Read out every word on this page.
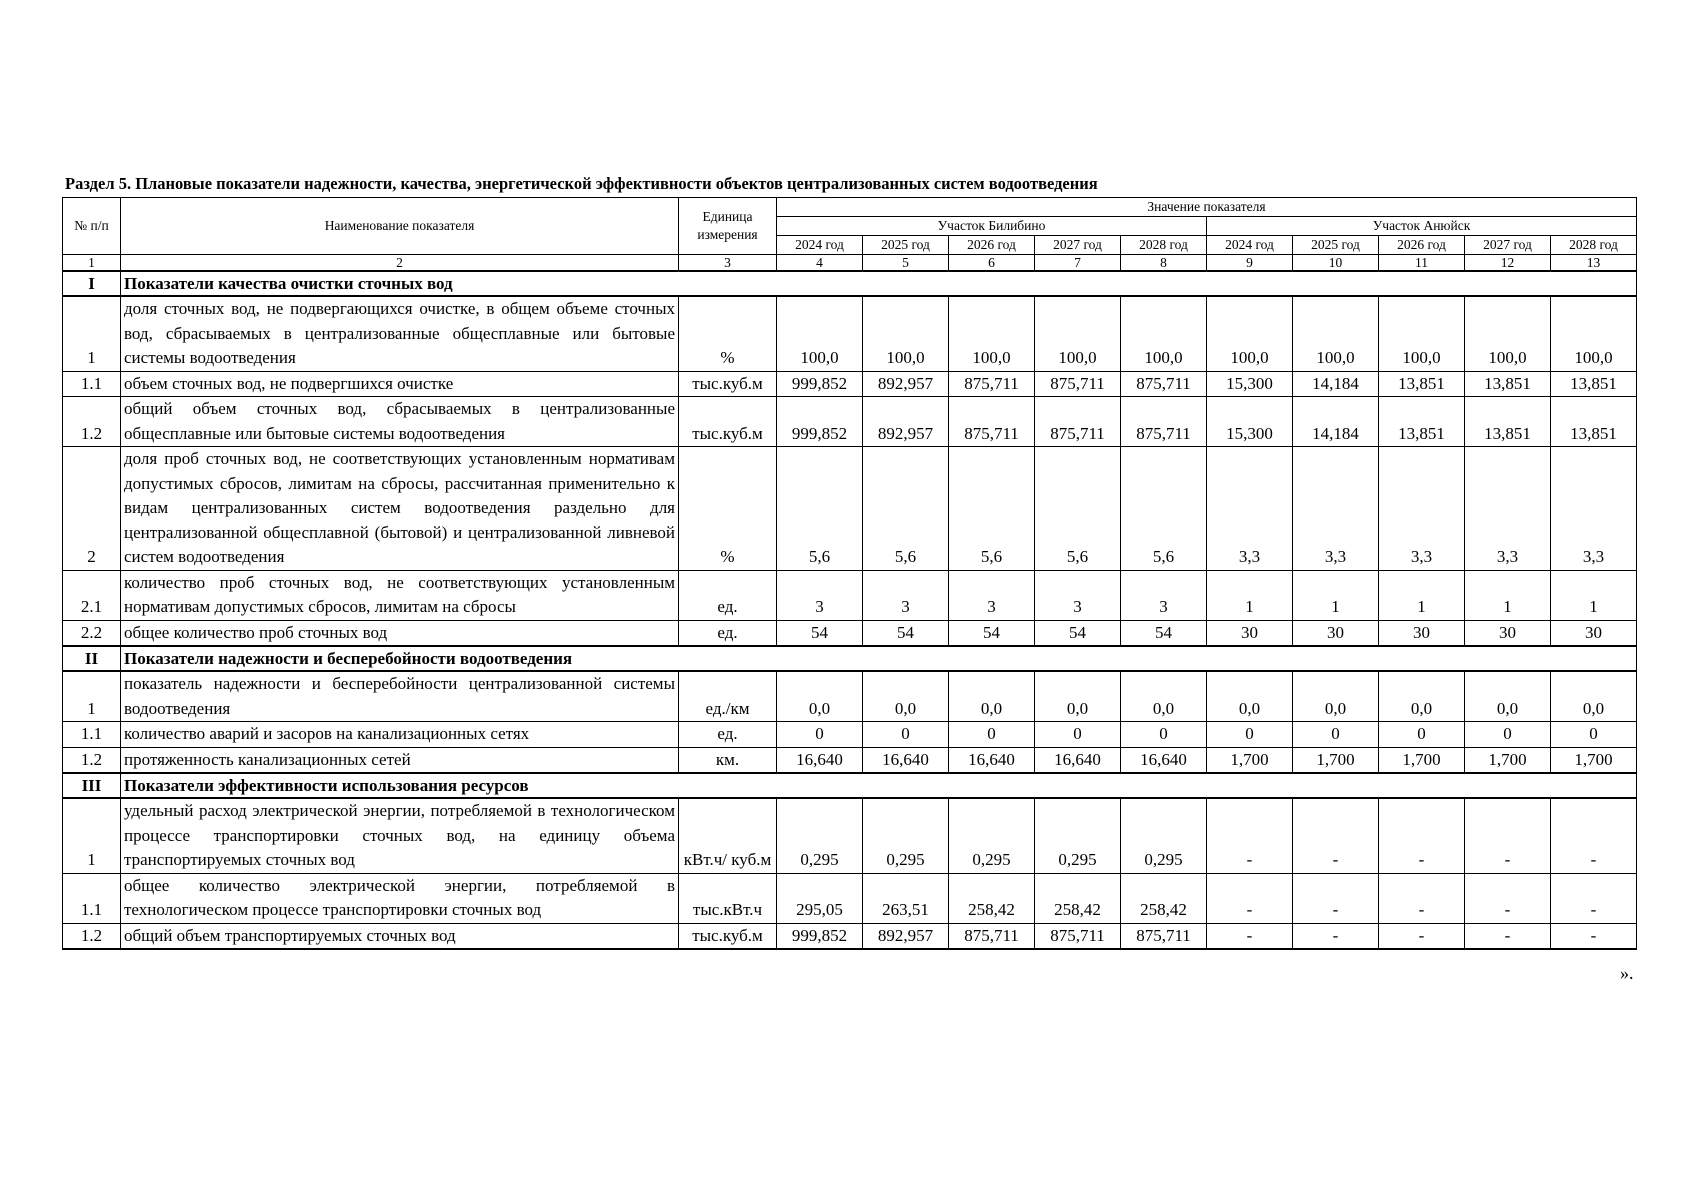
Раздел 5. Плановые показатели надежности, качества, энергетической эффективности объектов централизованных систем водоотведения
№ п/п	Наименование показателя	Единица измерения	Значение показателя									
			Участок Билибино					Участок Анюйск				
			2024 год	2025 год	2026 год	2027 год	2028 год	2024 год	2025 год	2026 год	2027 год	2028 год
1	2	3	4	5	6	7	8	9	10	11	12	13
I	Показатели качества очистки сточных вод											
1	доля сточных вод, не подвергающихся очистке, в общем объеме сточных вод, сбрасываемых в централизованные общесплавные или бытовые системы водоотведения	%	100,0	100,0	100,0	100,0	100,0	100,0	100,0	100,0	100,0	100,0
1.1	объем сточных вод, не подвергшихся очистке	тыс.куб.м	999,852	892,957	875,711	875,711	875,711	15,300	14,184	13,851	13,851	13,851
1.2	общий объем сточных вод, сбрасываемых в централизованные общесплавные или бытовые системы водоотведения	тыс.куб.м	999,852	892,957	875,711	875,711	875,711	15,300	14,184	13,851	13,851	13,851
2	доля проб сточных вод, не соответствующих установленным нормативам допустимых сбросов, лимитам на сбросы, рассчитанная применительно к видам централизованных систем водоотведения раздельно для централизованной общесплавной (бытовой) и централизованной ливневой систем водоотведения	%	5,6	5,6	5,6	5,6	5,6	3,3	3,3	3,3	3,3	3,3
2.1	количество проб сточных вод, не соответствующих установленным нормативам допустимых сбросов, лимитам на сбросы	ед.	3	3	3	3	3	1	1	1	1	1
2.2	общее количество проб сточных вод	ед.	54	54	54	54	54	30	30	30	30	30
II	Показатели надежности и бесперебойности водоотведения											
1	показатель надежности и бесперебойности централизованной системы водоотведения	ед./км	0,0	0,0	0,0	0,0	0,0	0,0	0,0	0,0	0,0	0,0
1.1	количество аварий и засоров на канализационных сетях	ед.	0	0	0	0	0	0	0	0	0	0
1.2	протяженность канализационных сетей	км.	16,640	16,640	16,640	16,640	16,640	1,700	1,700	1,700	1,700	1,700
III	Показатели эффективности использования ресурсов											
1	удельный расход электрической энергии, потребляемой в технологическом процессе транспортировки сточных вод, на единицу объема транспортируемых сточных вод	кВт.ч/ куб.м	0,295	0,295	0,295	0,295	0,295	-	-	-	-	-
1.1	общее количество электрической энергии, потребляемой в технологическом процессе транспортировки сточных вод	тыс.кВт.ч	295,05	263,51	258,42	258,42	258,42	-	-	-	-	-
1.2	общий объем транспортируемых сточных вод	тыс.куб.м	999,852	892,957	875,711	875,711	875,711	-	-	-	-	-
».
